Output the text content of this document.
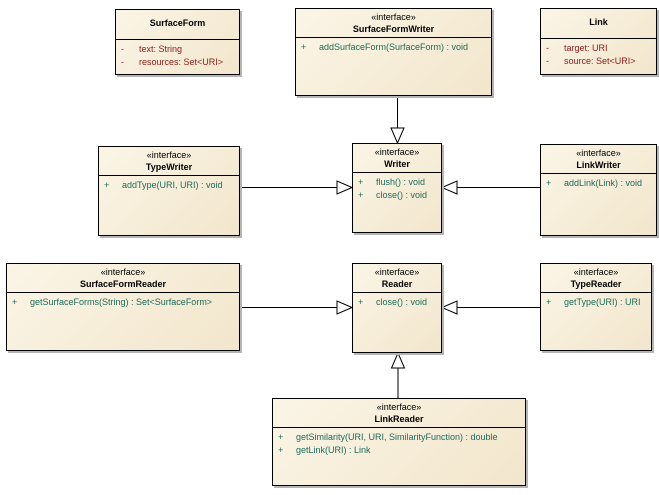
SurfaceForm
-	text: String
-	resources: Set<URI>
«interface»
SurfaceFormWriter
+	addSurfaceForm(SurfaceForm) : void
Link
-	target: URI
-	source: Set<URI>
«interface»
TypeWriter
+	addType(URI, URI) : void
«interface»
Writer
+	flush() : void
+	close() : void
«interface»
LinkWriter
+	addLink(Link) : void
«interface»
SurfaceFormReader
+	getSurfaceForms(String) : Set<SurfaceForm>
«interface»
Reader
+	close() : void
«interface»
TypeReader
+	getType(URI) : URI
«interface»
LinkReader
+	getSimilarity(URI, URI, SimilarityFunction) : double
+	getLink(URI) : Link
